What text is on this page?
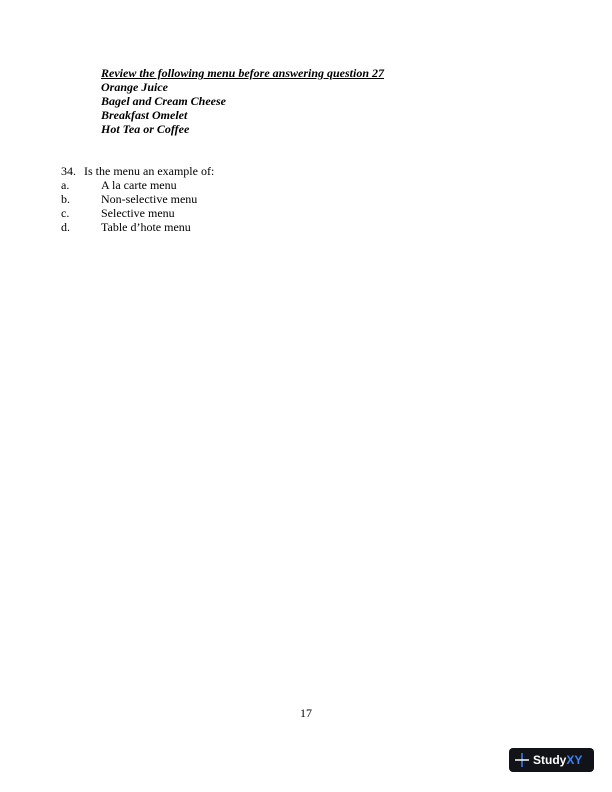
Review the following menu before answering question 27
Orange Juice
Bagel and Cream Cheese
Breakfast Omelet
Hot Tea or Coffee
34. Is the menu an example of:
a.	A la carte menu
b.	Non-selective menu
c.	Selective menu
d.	Table d’hote menu
17
Study XY
